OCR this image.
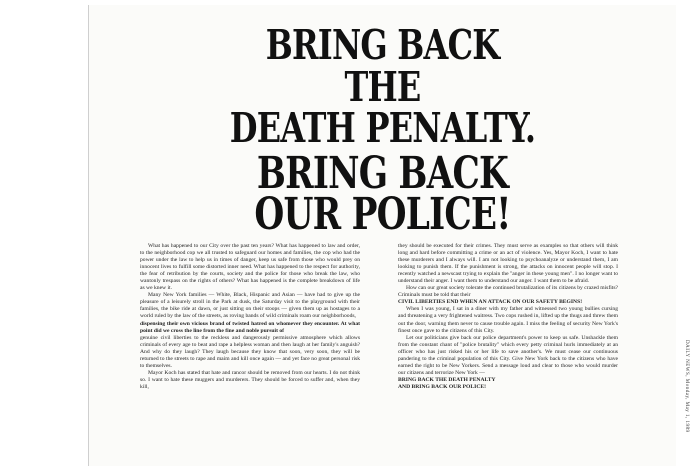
BRING BACK
THE
DEATH PENALTY.
BRING BACK
OUR POLICE!

What has happened to our City over the past ten years? What has happened to law and order, to the neighborhood cop we all trusted to safeguard our homes and families, the cop who had the power under the law to help us in times of danger, keep us safe from those who would prey on innocent lives to fulfill some distorted inner need. What has happened to the respect for authority, the fear of retribution by the courts, society and the police for those who break the law, who wantonly trespass on the rights of others? What has happened is the complete breakdown of life as we knew it.

Many New York families — White, Black, Hispanic and Asian — have had to give up the pleasure of a leisurely stroll in the Park at dusk, the Saturday visit to the playground with their families, the bike ride at dawn, or just sitting on their stoops — given them up as hostages to a world ruled by the law of the streets, as roving bands of wild criminals roam our neighborhoods,

dispensing their own vicious brand of twisted hatred on whomever they encounter. At what point did we cross the line from the fine and noble pursuit of

genuine civil liberties to the reckless and dangerously permissive atmosphere which allows criminals of every age to beat and rape a helpless woman and then laugh at her family's anguish? And why do they laugh? They laugh because they know that soon, very soon, they will be returned to the streets to rape and maim and kill once again — and yet face no great personal risk to themselves.

Mayor Koch has stated that hate and rancor should be removed from our hearts. I do not think so. I want to hate these muggers and murderers. They should be forced to suffer and, when they kill,

they should be executed for their crimes. They must serve as examples so that others will think long and hard before committing a crime or an act of violence. Yes, Mayor Koch, I want to hate these murderers and I always will. I am not looking to psychoanalyze or understand them, I am looking to punish them. If the punishment is strong, the attacks on innocent people will stop. I recently watched a newscast trying to explain the "anger in these young men". I no longer want to understand their anger. I want them to understand our anger. I want them to be afraid.

How can our great society tolerate the continued brutalization of its citizens by crazed misfits? Criminals must be told that their

CIVIL LIBERTIES END WHEN AN ATTACK ON OUR SAFETY BEGINS!

When I was young, I sat in a diner with my father and witnessed two young bullies cursing and threatening a very frightened waitress. Two cops rushed in, lifted up the thugs and threw them out the door, warning them never to cause trouble again. I miss the feeling of security New York's finest once gave to the citizens of this City.

Let our politicians give back our police department's power to keep us safe. Unshackle them from the constant chant of "police brutality" which every petty criminal hurls immediately at an officer who has just risked his or her life to save another's. We must cease our continuous pandering to the criminal population of this City. Give New York back to the citizens who have earned the right to be New Yorkers. Send a message loud and clear to those who would murder our citizens and terrorize New York —

BRING BACK THE DEATH PENALTY

AND BRING BACK OUR POLICE!	DAILY NEWS, Monday, May 1, 1989
